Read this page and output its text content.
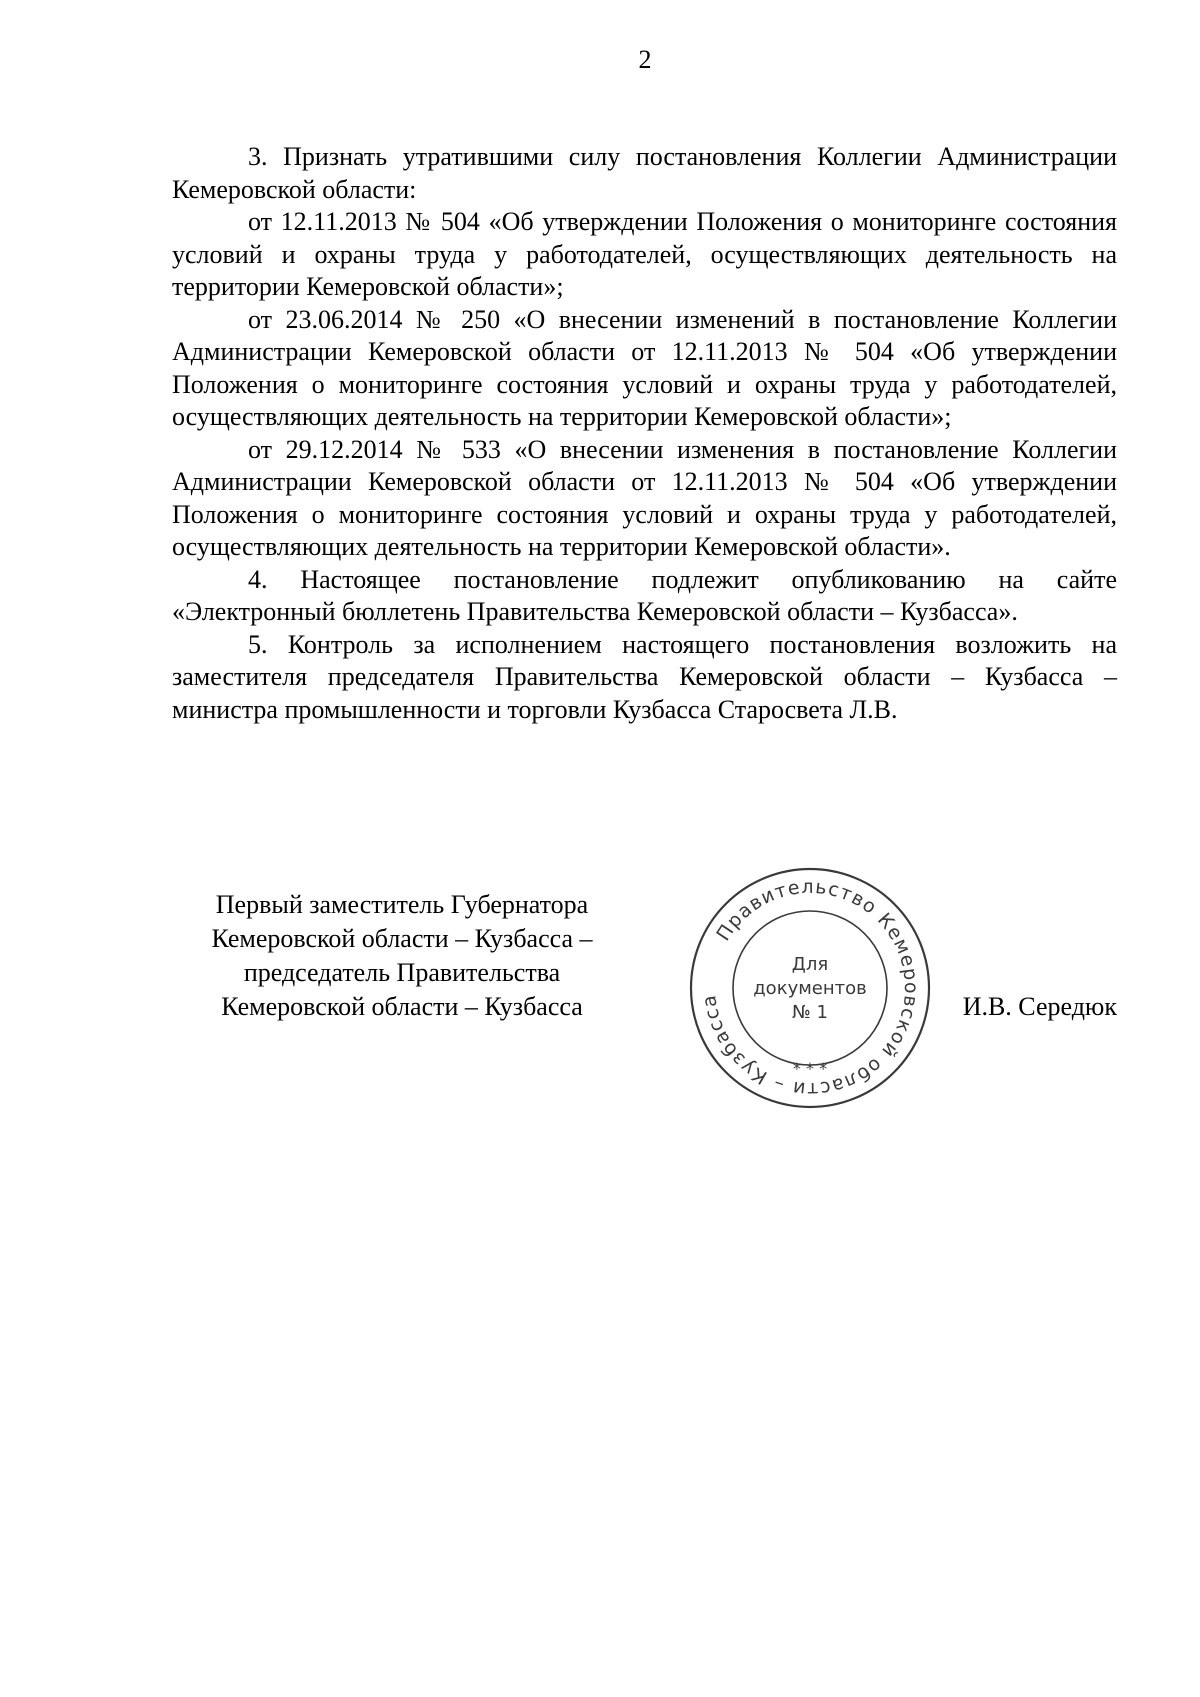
2

3. Признать утратившими силу постановления Коллегии Администрации Кемеровской области:

от 12.11.2013 № 504 «Об утверждении Положения о мониторинге состояния условий и охраны труда у работодателей, осуществляющих деятельность на территории Кемеровской области»;

от 23.06.2014 № 250 «О внесении изменений в постановление Коллегии Администрации Кемеровской области от 12.11.2013 № 504 «Об утверждении Положения о мониторинге состояния условий и охраны труда у работодателей, осуществляющих деятельность на территории Кемеровской области»;

от 29.12.2014 № 533 «О внесении изменения в постановление Коллегии Администрации Кемеровской области от 12.11.2013 № 504 «Об утверждении Положения о мониторинге состояния условий и охраны труда у работодателей, осуществляющих деятельность на территории Кемеровской области».

4. Настоящее постановление подлежит опубликованию на сайте «Электронный бюллетень Правительства Кемеровской области – Кузбасса».

5. Контроль за исполнением настоящего постановления возложить на заместителя председателя Правительства Кемеровской области – Кузбасса – министра промышленности и торговли Кузбасса Старосвета Л.В.

Первый заместитель Губернатора
Кемеровской области – Кузбасса –
председатель Правительства
Кемеровской области – Кузбасса
Правительство Кемеровской области – Кузбасса
* * *
Для
документов
№ 1	И.В. Середюк
